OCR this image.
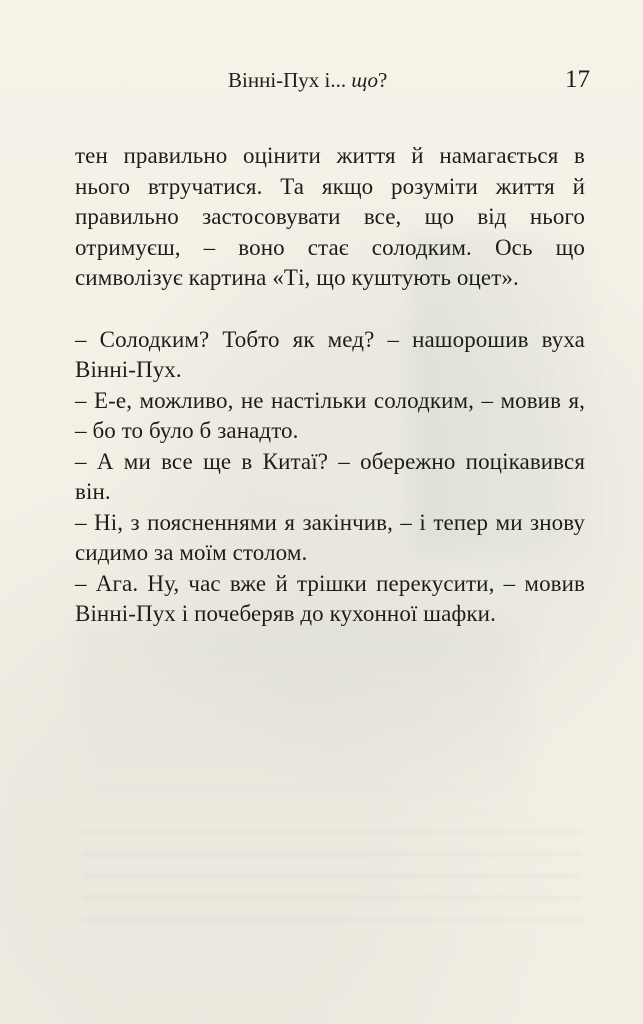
Вінні-Пух і... що?	17

тен правильно оцінити життя й намагається в нього втручатися. Та якщо розуміти життя й правильно застосовувати все, що від нього отримуєш, – воно стає солодким. Ось що символізує картина «Ті, що куштують оцет».

– Солодким? Тобто як мед? – нашорошив вуха Вінні-Пух.

– Е-е, можливо, не настільки солодким, – мовив я, – бо то було б занадто.

– А ми все ще в Китаї? – обережно поцікавився він.

– Ні, з поясненнями я закінчив, – і тепер ми знову сидимо за моїм столом.

– Ага. Ну, час вже й трішки перекусити, – мовив Вінні-Пух і почеберяв до кухонної шафки.
